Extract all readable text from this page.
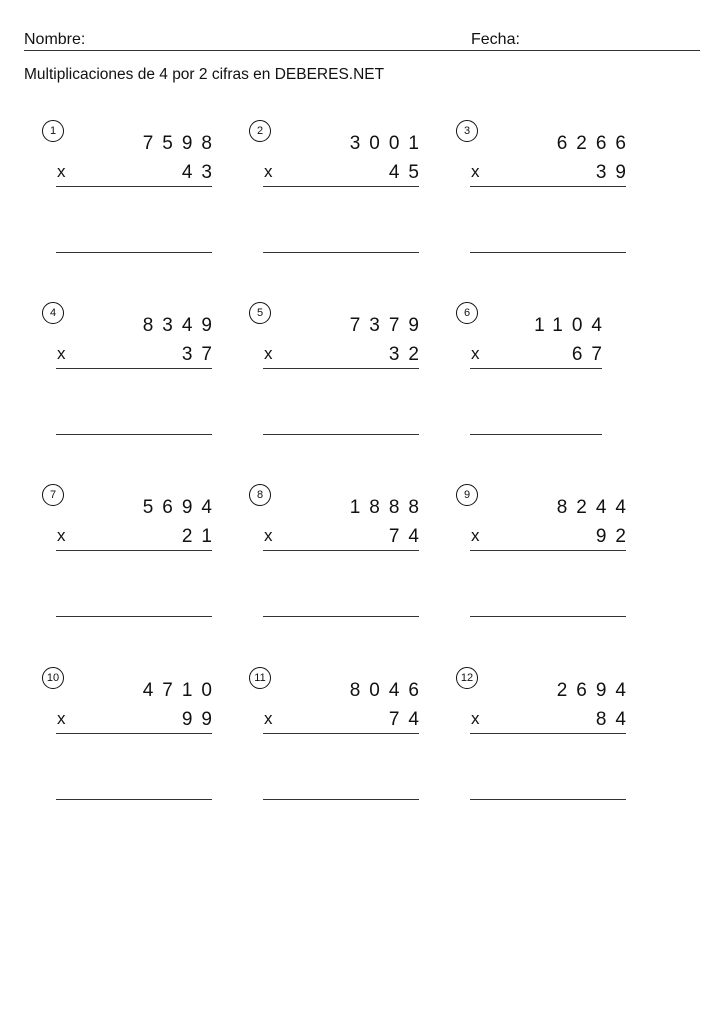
Nombre:	Fecha:
Multiplicaciones de 4 por 2 cifras en DEBERES.NET
1
7598
x	43
2
3001
x	45
3
6266
x	39
4
8349
x	37
5
7379
x	32
6
1104
x	67
7
5694
x	21
8
1888
x	74
9
8244
x	92
10
4710
x	99
11
8046
x	74
12
2694
x	84
